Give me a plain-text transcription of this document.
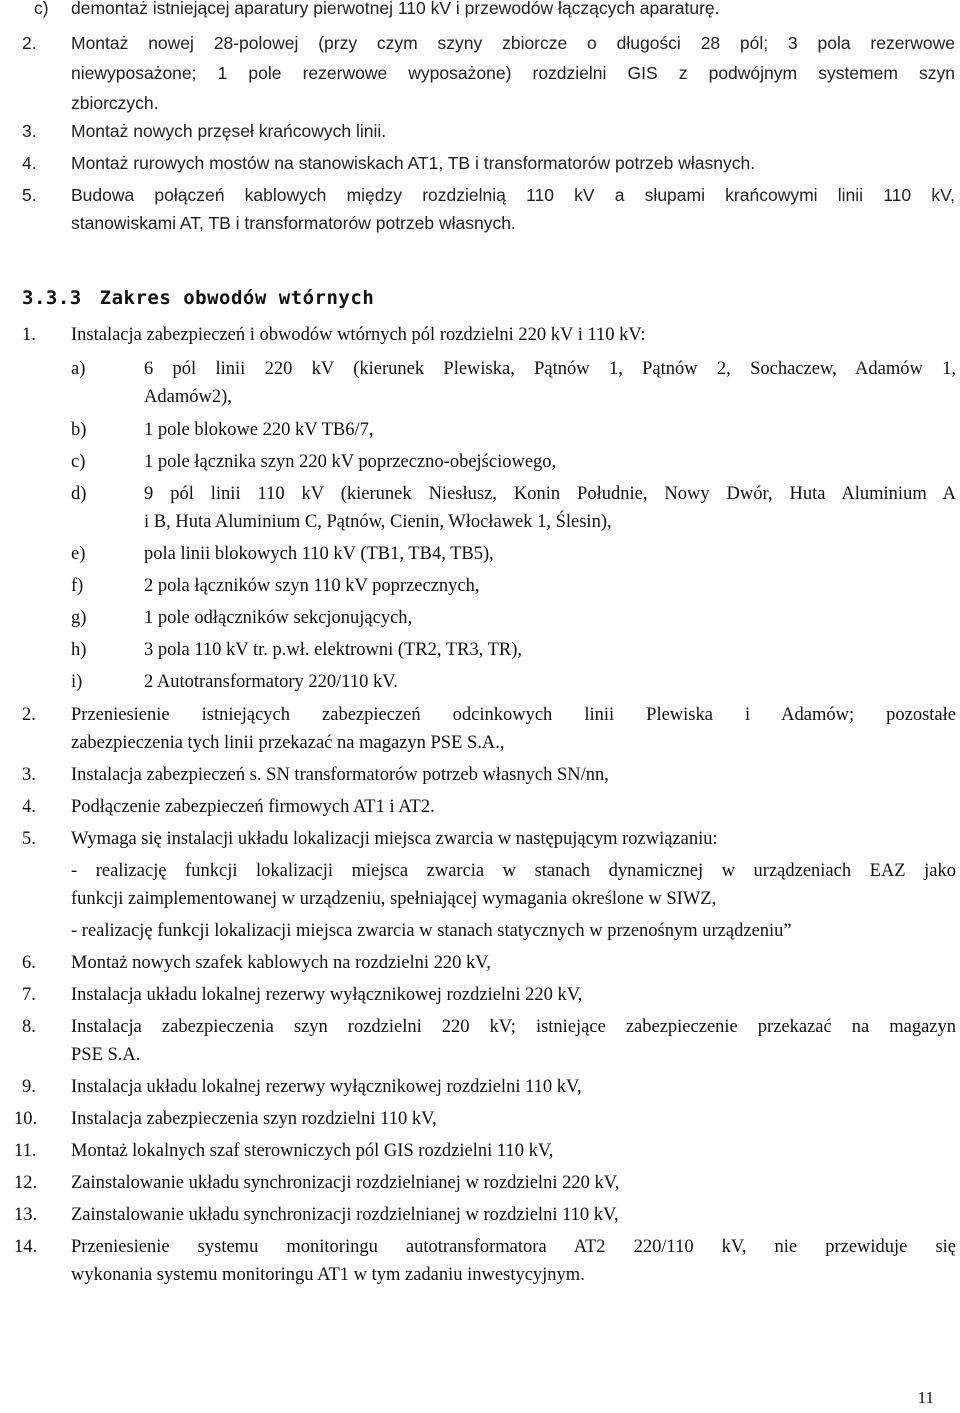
c) demontaż istniejącej aparatury pierwotnej 110 kV i przewodów łączących aparaturę.
2. Montaż nowej 28-polowej (przy czym szyny zbiorcze o długości 28 pól; 3 pola rezerwowe
niewyposażone; 1 pole rezerwowe wyposażone) rozdzielni GIS z podwójnym systemem szyn
zbiorczych.
3. Montaż nowych przęseł krańcowych linii.
4. Montaż rurowych mostów na stanowiskach AT1, TB i transformatorów potrzeb własnych.
5. Budowa połączeń kablowych między rozdzielnią 110 kV a słupami krańcowymi linii 110 kV,
stanowiskami AT, TB i transformatorów potrzeb własnych.
3.3.3 Zakres obwodów wtórnych
1. Instalacja zabezpieczeń i obwodów wtórnych pól rozdzielni 220 kV i 110 kV:
a)	6 pól linii 220 kV (kierunek Plewiska, Pątnów 1, Pątnów 2, Sochaczew, Adamów 1,
Adamów2),
b)	1 pole blokowe 220 kV TB6/7,
c)	1 pole łącznika szyn 220 kV poprzeczno-obejściowego,
d)	9 pól linii 110 kV (kierunek Niesłusz, Konin Południe, Nowy Dwór, Huta Aluminium A
i B, Huta Aluminium C, Pątnów, Cienin, Włocławek 1, Ślesin),
e)	pola linii blokowych 110 kV (TB1, TB4, TB5),
f)	2 pola łączników szyn 110 kV poprzecznych,
g)	1 pole odłączników sekcjonujących,
h)	3 pola 110 kV tr. p.wł. elektrowni (TR2, TR3, TR),
i)	2 Autotransformatory 220/110 kV.
2. Przeniesienie istniejących zabezpieczeń odcinkowych linii Plewiska i Adamów; pozostałe
zabezpieczenia tych linii przekazać na magazyn PSE S.A.,
3. Instalacja zabezpieczeń s. SN transformatorów potrzeb własnych SN/nn,
4. Podłączenie zabezpieczeń firmowych AT1 i AT2.
5. Wymaga się instalacji układu lokalizacji miejsca zwarcia w następującym rozwiązaniu:
- realizację funkcji lokalizacji miejsca zwarcia w stanach dynamicznej w urządzeniach EAZ jako
funkcji zaimplementowanej w urządzeniu, spełniającej wymagania określone w SIWZ,
- realizację funkcji lokalizacji miejsca zwarcia w stanach statycznych w przenośnym urządzeniu”
6. Montaż nowych szafek kablowych na rozdzielni 220 kV,
7. Instalacja układu lokalnej rezerwy wyłącznikowej rozdzielni 220 kV,
8. Instalacja zabezpieczenia szyn rozdzielni 220 kV; istniejące zabezpieczenie przekazać na magazyn
PSE S.A.
9. Instalacja układu lokalnej rezerwy wyłącznikowej rozdzielni 110 kV,
10. Instalacja zabezpieczenia szyn rozdzielni 110 kV,
11. Montaż lokalnych szaf sterowniczych pól GIS rozdzielni 110 kV,
12. Zainstalowanie układu synchronizacji rozdzielnianej w rozdzielni 220 kV,
13. Zainstalowanie układu synchronizacji rozdzielnianej w rozdzielni 110 kV,
14. Przeniesienie systemu monitoringu autotransformatora AT2 220/110 kV, nie przewiduje się
wykonania systemu monitoringu AT1 w tym zadaniu inwestycyjnym.
11
